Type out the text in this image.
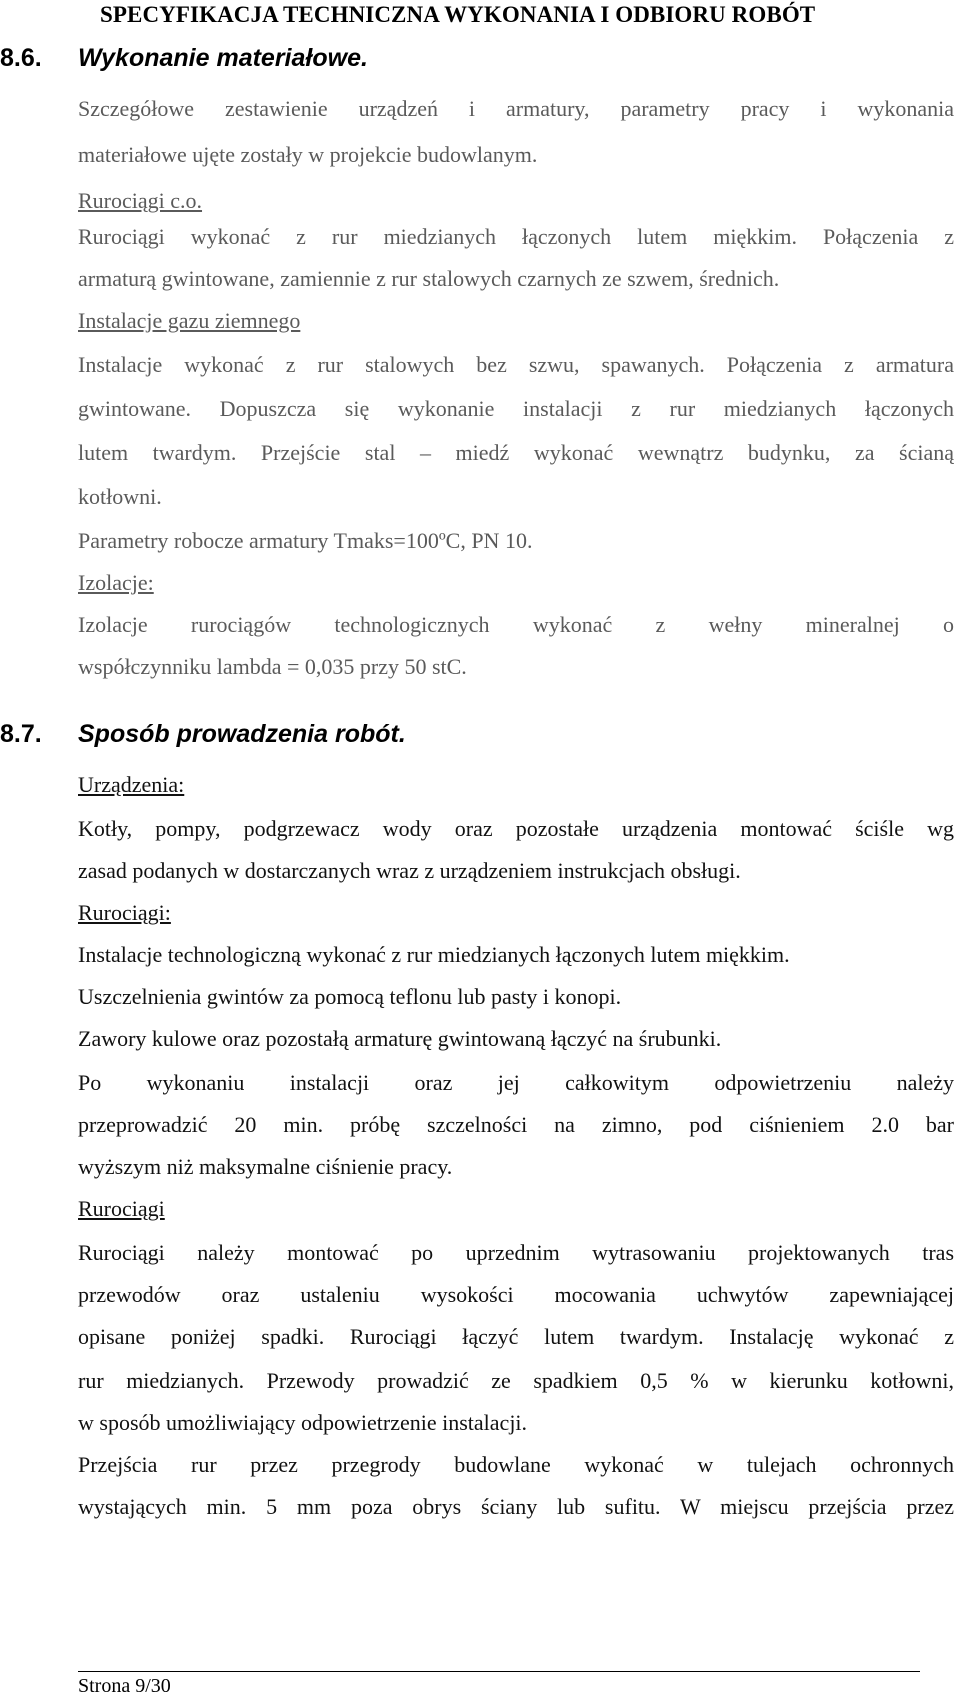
SPECYFIKACJA TECHNICZNA WYKONANIA I ODBIORU ROBÓT
8.6. Wykonanie materiałowe.
Szczegółowe zestawienie urządzeń i armatury, parametry pracy i wykonania
materiałowe ujęte zostały w projekcie budowlanym.
Rurociągi c.o.
Rurociągi wykonać z rur miedzianych łączonych lutem miękkim. Połączenia z
armaturą gwintowane, zamiennie z rur stalowych czarnych ze szwem, średnich.
Instalacje gazu ziemnego
Instalacje wykonać z rur stalowych bez szwu, spawanych. Połączenia z armatura
gwintowane. Dopuszcza się wykonanie instalacji z rur miedzianych łączonych
lutem twardym. Przejście stal – miedź wykonać wewnątrz budynku, za ścianą
kotłowni.
Parametry robocze armatury Tmaks=100ºC, PN 10.
Izolacje:
Izolacje rurociągów technologicznych wykonać z wełny mineralnej o
współczynniku lambda = 0,035 przy 50 stC.
8.7. Sposób prowadzenia robót.
Urządzenia:
Kotły, pompy, podgrzewacz wody oraz pozostałe urządzenia montować ściśle wg
zasad podanych w dostarczanych wraz z urządzeniem instrukcjach obsługi.
Rurociągi:
Instalacje technologiczną wykonać z rur miedzianych łączonych lutem miękkim.
Uszczelnienia gwintów za pomocą teflonu lub pasty i konopi.
Zawory kulowe oraz pozostałą armaturę gwintowaną łączyć na śrubunki.
Po wykonaniu instalacji oraz jej całkowitym odpowietrzeniu należy
przeprowadzić 20 min. próbę szczelności na zimno, pod ciśnieniem 2.0 bar
wyższym niż maksymalne ciśnienie pracy.
Rurociągi
Rurociągi należy montować po uprzednim wytrasowaniu projektowanych tras
przewodów oraz ustaleniu wysokości mocowania uchwytów zapewniającej
opisane poniżej spadki. Rurociągi łączyć lutem twardym. Instalację wykonać z
rur miedzianych. Przewody prowadzić ze spadkiem 0,5 % w kierunku kotłowni,
w sposób umożliwiający odpowietrzenie instalacji.
Przejścia rur przez przegrody budowlane wykonać w tulejach ochronnych
wystających min. 5 mm poza obrys ściany lub sufitu. W miejscu przejścia przez
Strona 9/30
